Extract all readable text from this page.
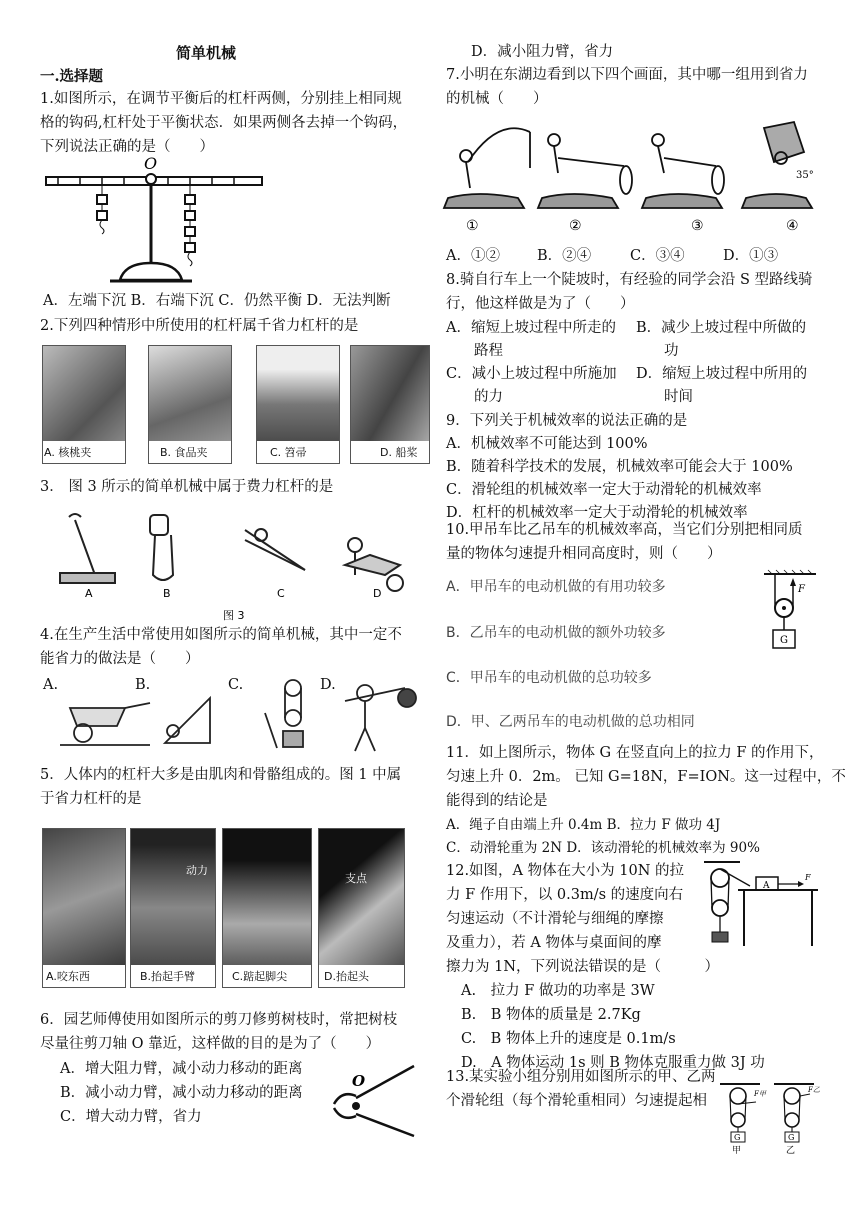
简单机械
一.选择题
1.如图所示，在调节平衡后的杠杆两侧，分别挂上相同规
格的钩码,杠杆处于平衡状态．如果两侧各去掉一个钩码，
下列说法正确的是（　　）
O
A．左端下沉 B．右端下沉 C．仍然平衡 D．无法判断
2.下列四种情形中所使用的杠杆属千省力杠杆的是
A. 核桃夹	B. 食品夹	C. 笤帚	D. 船桨
3． 图 3 所示的简单机械中属于费力杠杆的是
A	B	C	D
图 3
4.在生产生活中常使用如图所示的简单机械，其中一定不
能省力的做法是（　　）
A.	B.	C.	D.
5．人体内的杠杆大多是由肌肉和骨骼组成的。图 1 中属
于省力杠杆的是
动力
支点
A.咬东西	B.抬起手臂	C.踮起脚尖	D.抬起头
6．园艺师傅使用如图所示的剪刀修剪树枝时，常把树枝
尽量往剪刀轴 O 靠近，这样做的目的是为了（　　）
A．增大阻力臂，减小动力移动的距离
B．减小动力臂，减小动力移动的距离
C．增大动力臂，省力
O
D．减小阻力臂，省力
7.小明在东湖边看到以下四个画面，其中哪一组用到省力
的机械（　　）
①	②	③	④
35°
A．①②	B．②④	C．③④	D．①③
8.骑自行车上一个陡坡时，有经验的同学会沿 S 型路线骑
行，他这样做是为了（　　）
A．缩短上坡过程中所走的
路程
B．减少上坡过程中所做的
功
C．减小上坡过程中所施加
的力
D．缩短上坡过程中所用的
时间
9．下列关于机械效率的说法正确的是
A．机械效率不可能达到 100%
B．随着科学技术的发展，机械效率可能会大于 100%
C．滑轮组的机械效率一定大于动滑轮的机械效率
D．杠杆的机械效率一定大于动滑轮的机械效率
10.甲吊车比乙吊车的机械效率高，当它们分别把相同质
量的物体匀速提升相同高度时，则（　　）
A．甲吊车的电动机做的有用功较多
B．乙吊车的电动机做的额外功较多
C．甲吊车的电动机做的总功较多
D．甲、乙两吊车的电动机做的总功相同
F
G
11．如上图所示，物体 G 在竖直向上的拉力 F 的作用下，
匀速上升 0．2m。 已知 G=18N，F=ION。这一过程中，不
能得到的结论是
A．绳子自由端上升 0.4m B．拉力 F 做功 4J
C．动滑轮重为 2N D．该动滑轮的机械效率为 90%
12.如图，A 物体在大小为 10N 的拉
力 F 作用下，以 0.3m/s 的速度向右
匀速运动（不计滑轮与细绳的摩擦
及重力），若 A 物体与桌面间的摩
擦力为 1N，下列说法错误的是（　　　）
A
F
A.　拉力 F 做功的功率是 3W
B.　B 物体的质量是 2.7Kg
C.　B 物体上升的速度是 0.1m/s
D.　A 物体运动 1s 则 B 物体克服重力做 3J 功
13.某实验小组分别用如图所示的甲、乙两
个滑轮组（每个滑轮重相同）匀速提起相
G	G
甲	乙
F甲	F乙
